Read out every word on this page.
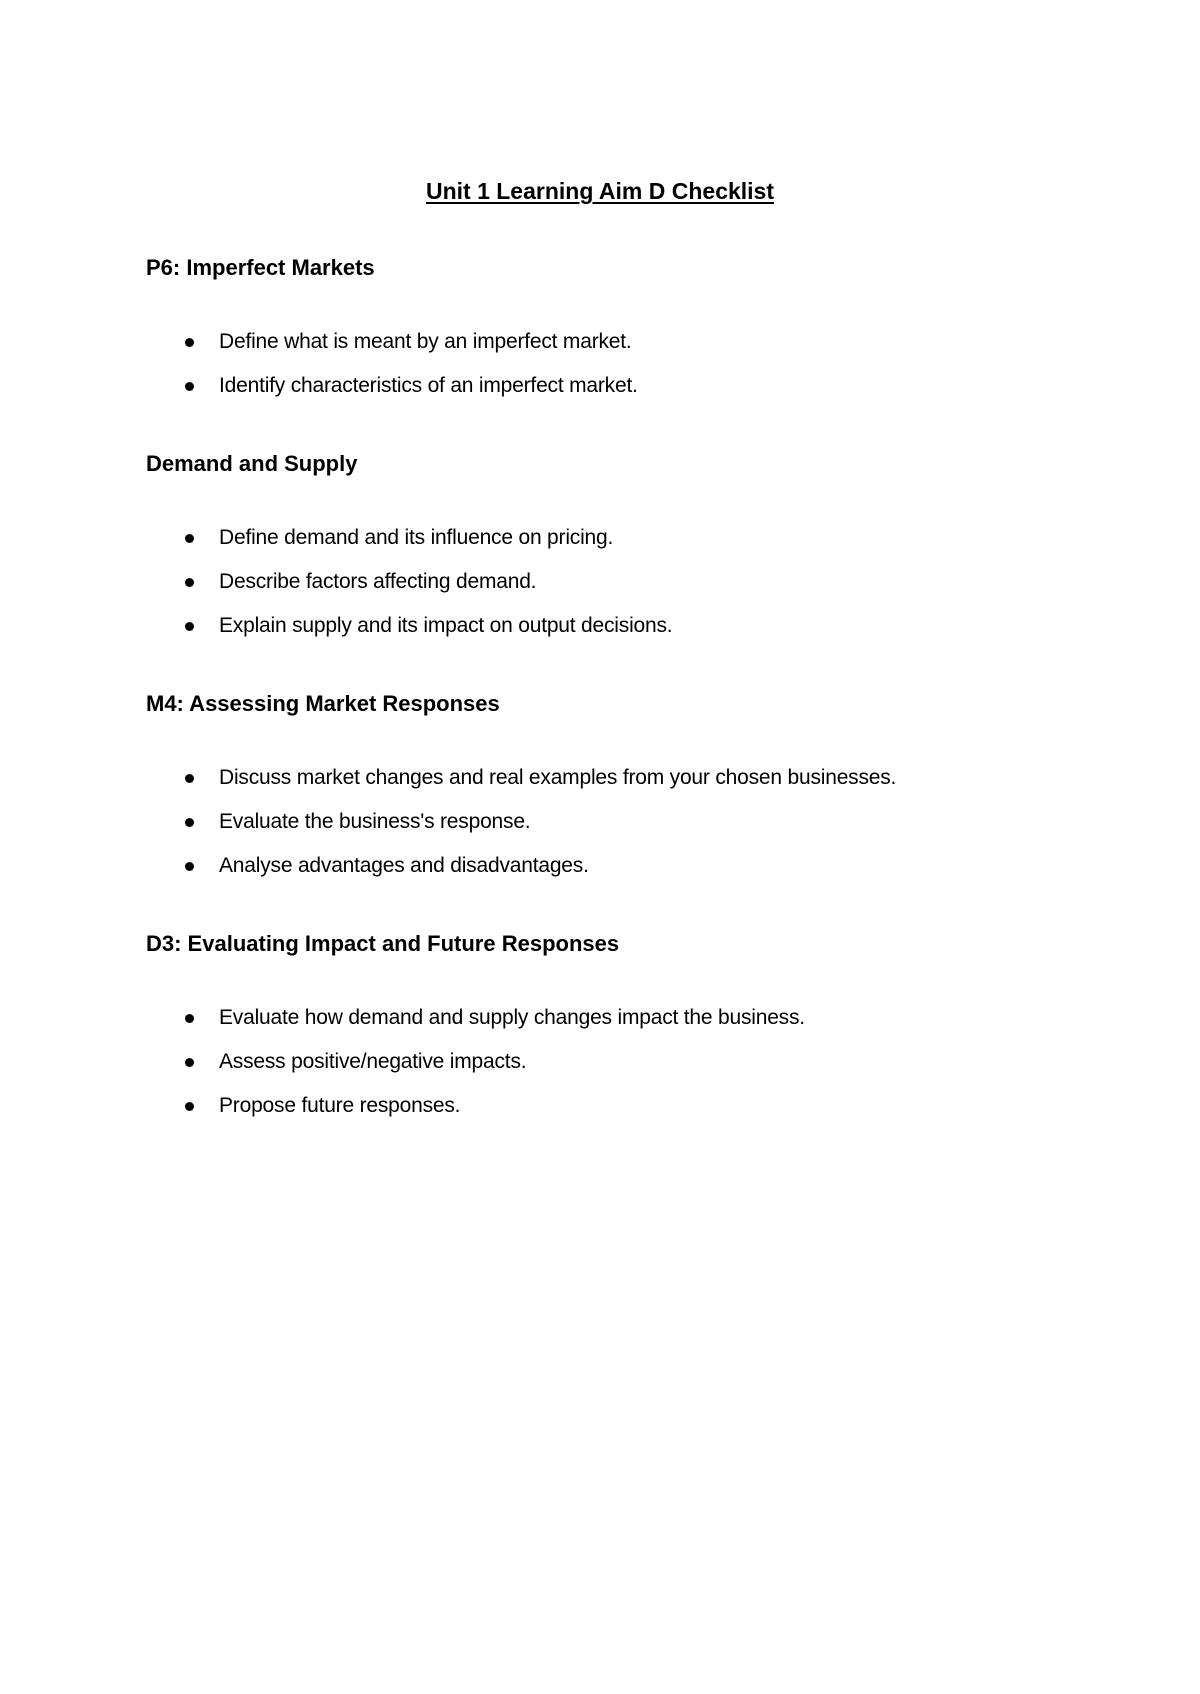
Unit 1 Learning Aim D Checklist
P6: Imperfect Markets
Define what is meant by an imperfect market.
Identify characteristics of an imperfect market.
Demand and Supply
Define demand and its influence on pricing.
Describe factors affecting demand.
Explain supply and its impact on output decisions.
M4: Assessing Market Responses
Discuss market changes and real examples from your chosen businesses.
Evaluate the business's response.
Analyse advantages and disadvantages.
D3: Evaluating Impact and Future Responses
Evaluate how demand and supply changes impact the business.
Assess positive/negative impacts.
Propose future responses.
